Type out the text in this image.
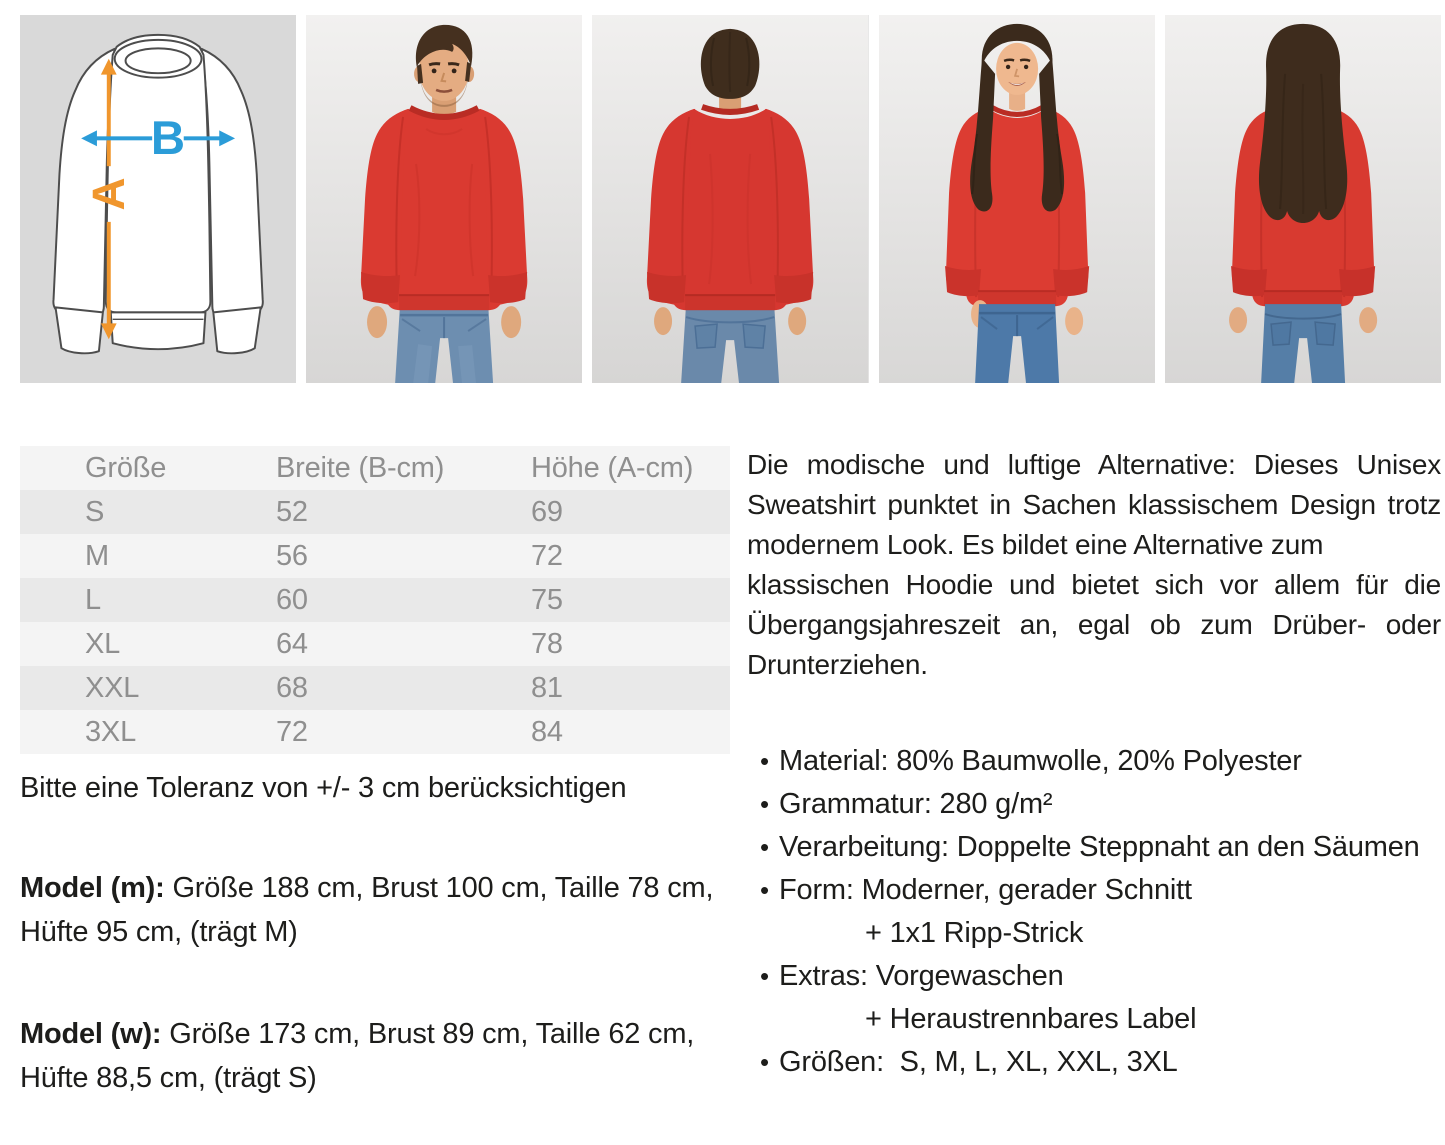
A
B
Größe	Breite (B-cm)	Höhe (A-cm)
S	52	69
M	56	72
L	60	75
XL	64	78
XXL	68	81
3XL	72	84

Bitte eine Toleranz von +/- 3 cm berücksichtigen

Model (m): Größe 188 cm, Brust 100 cm, Taille 78 cm,
Hüfte 95 cm, (trägt M)

Model (w): Größe 173 cm, Brust 89 cm, Taille 62 cm,
Hüfte 88,5 cm, (trägt S)

Die modische und luftige Alternative: Dieses Unisex

Sweatshirt punktet in Sachen klassischem Design trotz

modernem Look. Es bildet eine Alternative zum

klassischen Hoodie und bietet sich vor allem für die

Übergangsjahreszeit an, egal ob zum Drüber- oder

Drunterziehen.

• Material: 80% Baumwolle, 20% Polyester
• Grammatur: 280 g/m²
• Verarbeitung: Doppelte Steppnaht an den Säumen
• Form: Moderner, gerader Schnitt
+ 1x1 Ripp-Strick
• Extras: Vorgewaschen
+ Heraustrennbares Label
• Größen:  S, M, L, XL, XXL, 3XL
